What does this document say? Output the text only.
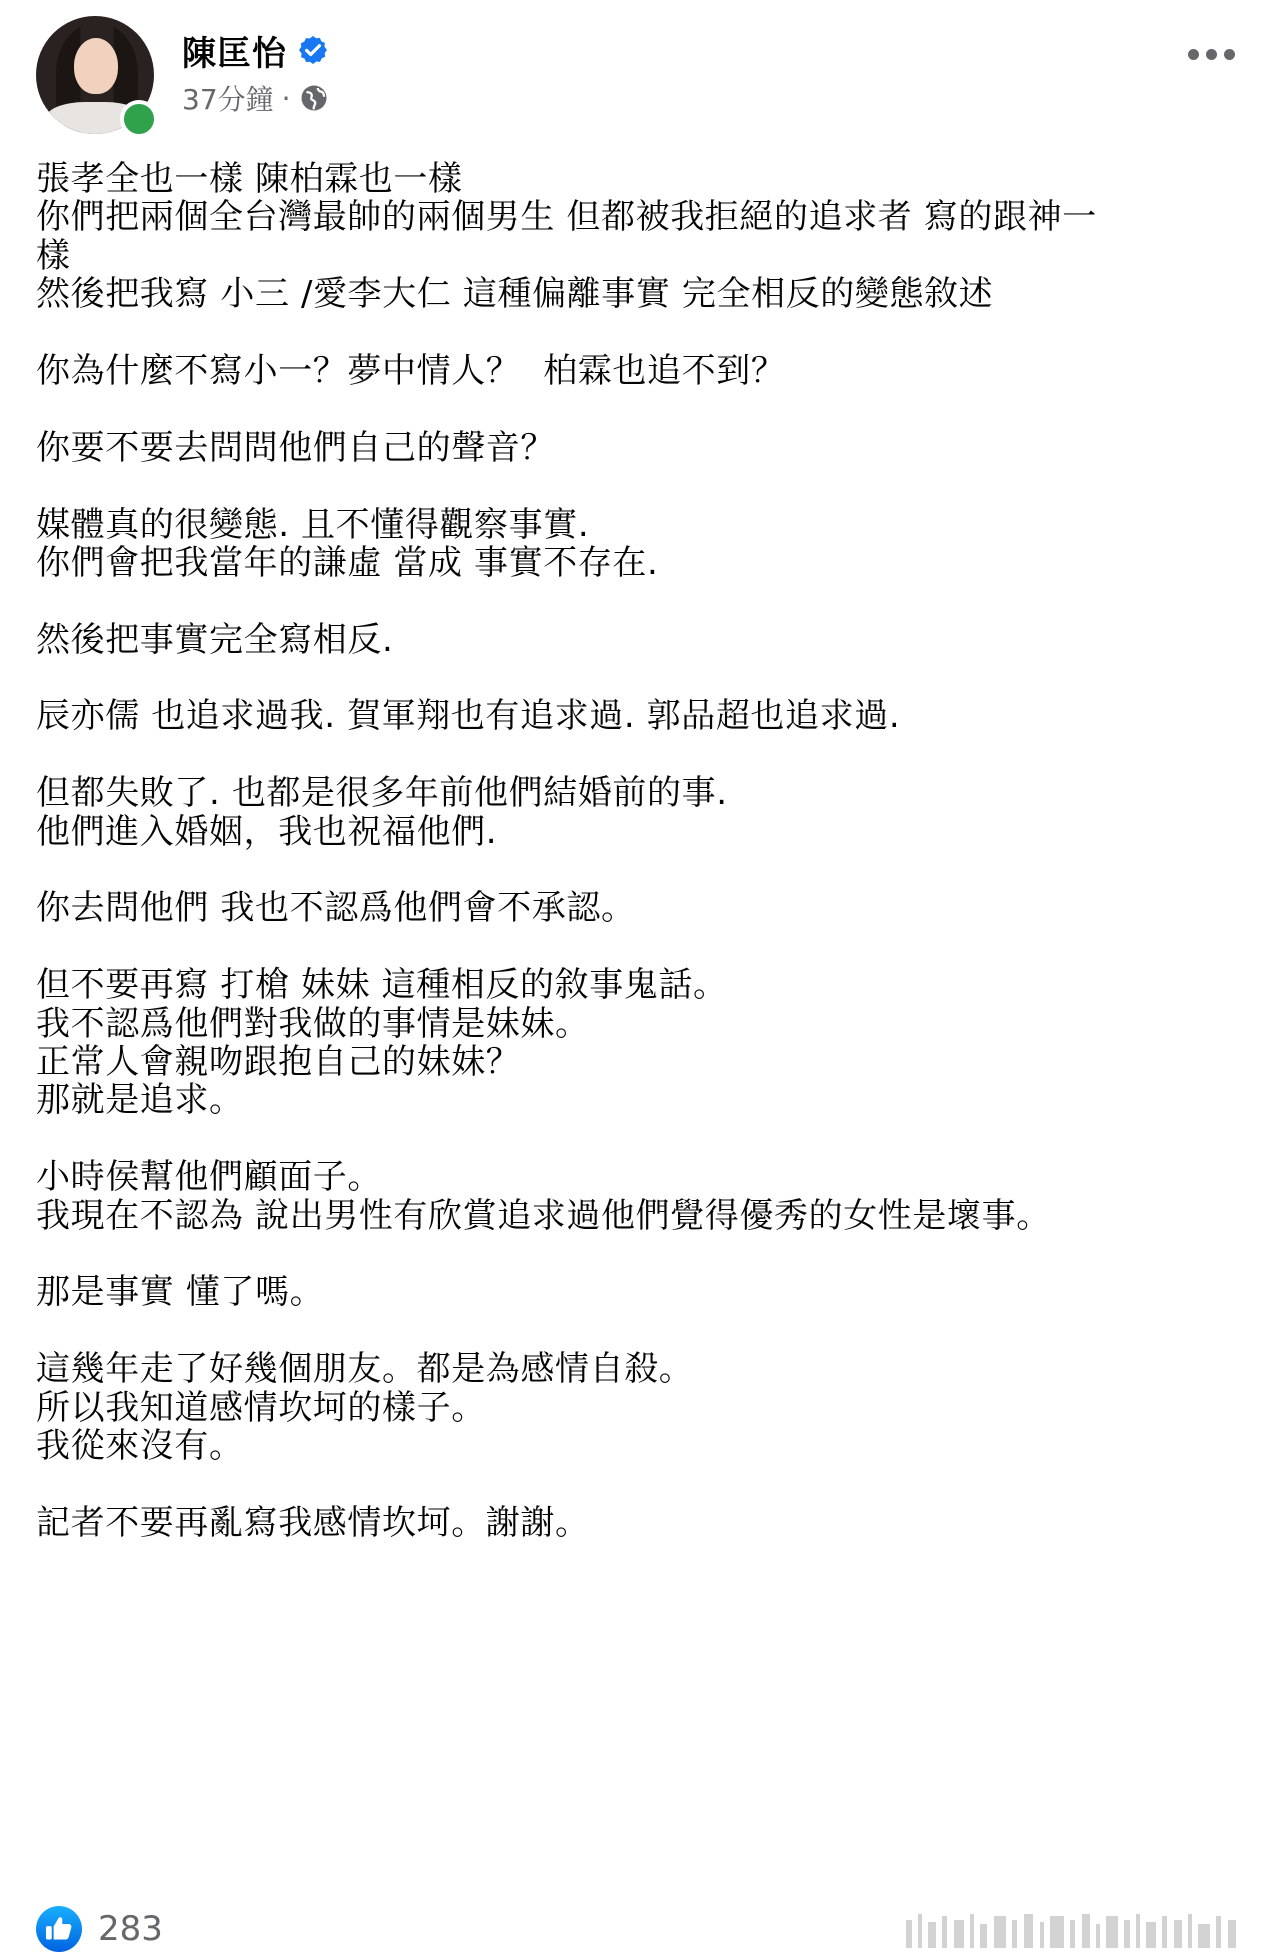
陳匡怡
37分鐘 ·
張孝全也一樣 陳柏霖也一樣
你們把兩個全台灣最帥的兩個男生 但都被我拒絕的追求者 寫的跟神一
樣
然後把我寫 小三 /愛李大仁 這種偏離事實 完全相反的變態敘述
你為什麼不寫小一？夢中情人？  柏霖也追不到？
你要不要去問問他們自己的聲音？
媒體真的很變態. 且不懂得觀察事實.
你們會把我當年的謙虛 當成 事實不存在.
然後把事實完全寫相反.
辰亦儒 也追求過我. 賀軍翔也有追求過. 郭品超也追求過.
但都失敗了. 也都是很多年前他們結婚前的事.
他們進入婚姻，我也祝福他們.
你去問他們 我也不認爲他們會不承認。
但不要再寫 打槍 妹妹 這種相反的敘事鬼話。
我不認爲他們對我做的事情是妹妹。
正常人會親吻跟抱自己的妹妹？
那就是追求。
小時侯幫他們顧面子。
我現在不認為 說出男性有欣賞追求過他們覺得優秀的女性是壞事。
那是事實 懂了嗎。
這幾年走了好幾個朋友。都是為感情自殺。
所以我知道感情坎坷的樣子。
我從來沒有。
記者不要再亂寫我感情坎坷。謝謝。
283
